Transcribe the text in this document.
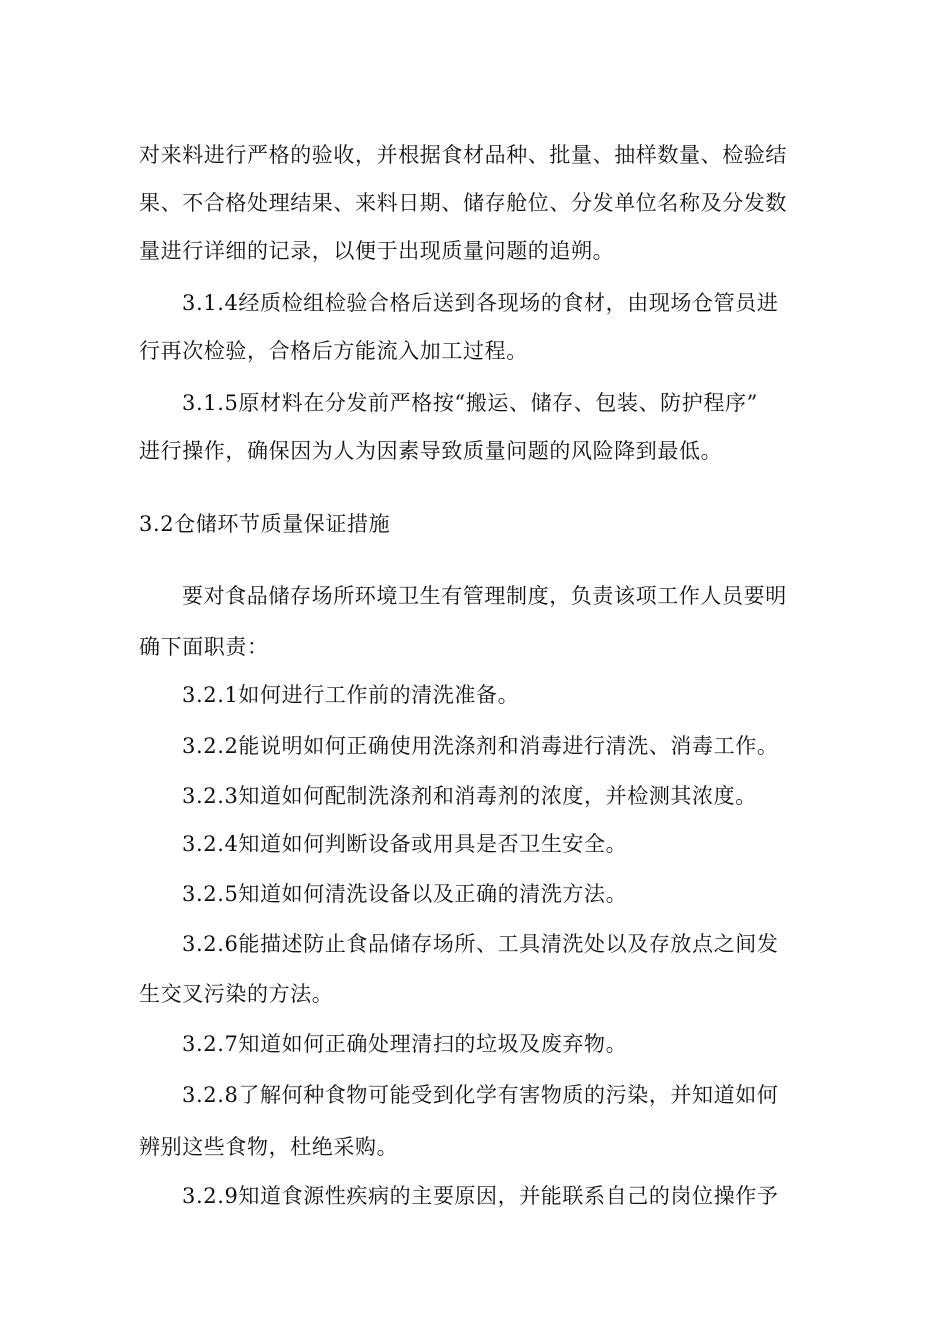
对来料进行严格的验收，并根据食材品种、批量、抽样数量、检验结
果、不合格处理结果、来料日期、储存舱位、分发单位名称及分发数
量进行详细的记录，以便于出现质量问题的追朔。
3.1.4经质检组检验合格后送到各现场的食材，由现场仓管员进
行再次检验，合格后方能流入加工过程。
3.1.5原材料在分发前严格按“搬运、储存、包装、防护程序”
进行操作，确保因为人为因素导致质量问题的风险降到最低。
3.2仓储环节质量保证措施
要对食品储存场所环境卫生有管理制度，负责该项工作人员要明
确下面职责：
3.2.1如何进行工作前的清洗准备。
3.2.2能说明如何正确使用洗涤剂和消毒进行清洗、消毒工作。
3.2.3知道如何配制洗涤剂和消毒剂的浓度，并检测其浓度。
3.2.4知道如何判断设备或用具是否卫生安全。
3.2.5知道如何清洗设备以及正确的清洗方法。
3.2.6能描述防止食品储存场所、工具清洗处以及存放点之间发
生交叉污染的方法。
3.2.7知道如何正确处理清扫的垃圾及废弃物。
3.2.8了解何种食物可能受到化学有害物质的污染，并知道如何
辨别这些食物，杜绝采购。
3.2.9知道食源性疾病的主要原因，并能联系自己的岗位操作予
